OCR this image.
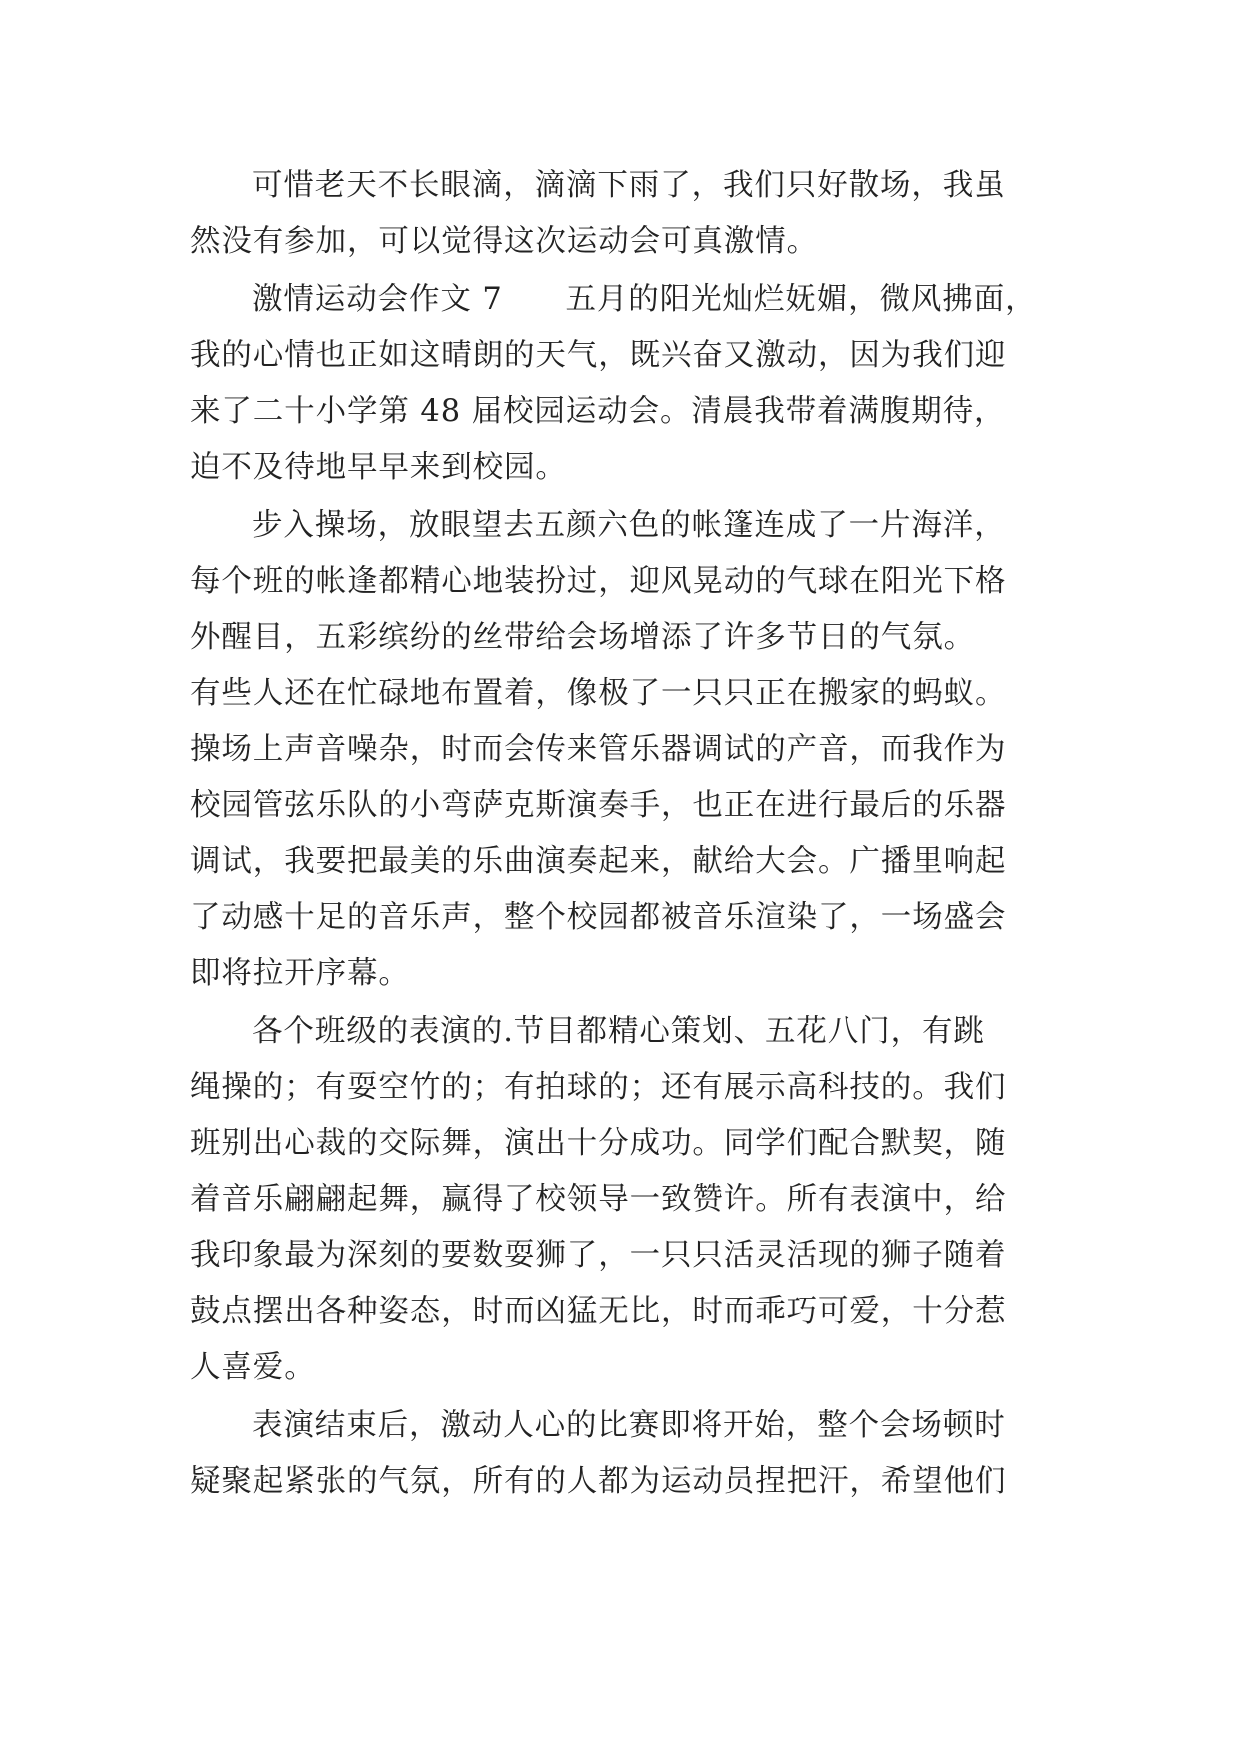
可惜老天不长眼滴，滴滴下雨了，我们只好散场，我虽
然没有参加，可以觉得这次运动会可真激情。
激情运动会作文 7　　五月的阳光灿烂妩媚，微风拂面，
我的心情也正如这晴朗的天气，既兴奋又激动，因为我们迎
来了二十小学第 48 届校园运动会。清晨我带着满腹期待，
迫不及待地早早来到校园。
步入操场，放眼望去五颜六色的帐篷连成了一片海洋，
每个班的帐逢都精心地装扮过，迎风晃动的气球在阳光下格
外醒目，五彩缤纷的丝带给会场增添了许多节日的气氛。
有些人还在忙碌地布置着，像极了一只只正在搬家的蚂蚁。
操场上声音噪杂，时而会传来管乐器调试的产音，而我作为
校园管弦乐队的小弯萨克斯演奏手，也正在进行最后的乐器
调试，我要把最美的乐曲演奏起来，献给大会。广播里响起
了动感十足的音乐声，整个校园都被音乐渲染了，一场盛会
即将拉开序幕。
各个班级的表演的.节目都精心策划、五花八门，有跳
绳操的；有耍空竹的；有拍球的；还有展示高科技的。我们
班别出心裁的交际舞，演出十分成功。同学们配合默契，随
着音乐翩翩起舞，赢得了校领导一致赞许。所有表演中，给
我印象最为深刻的要数耍狮了，一只只活灵活现的狮子随着
鼓点摆出各种姿态，时而凶猛无比，时而乖巧可爱，十分惹
人喜爱。
表演结束后，激动人心的比赛即将开始，整个会场顿时
疑聚起紧张的气氛，所有的人都为运动员捏把汗，希望他们
